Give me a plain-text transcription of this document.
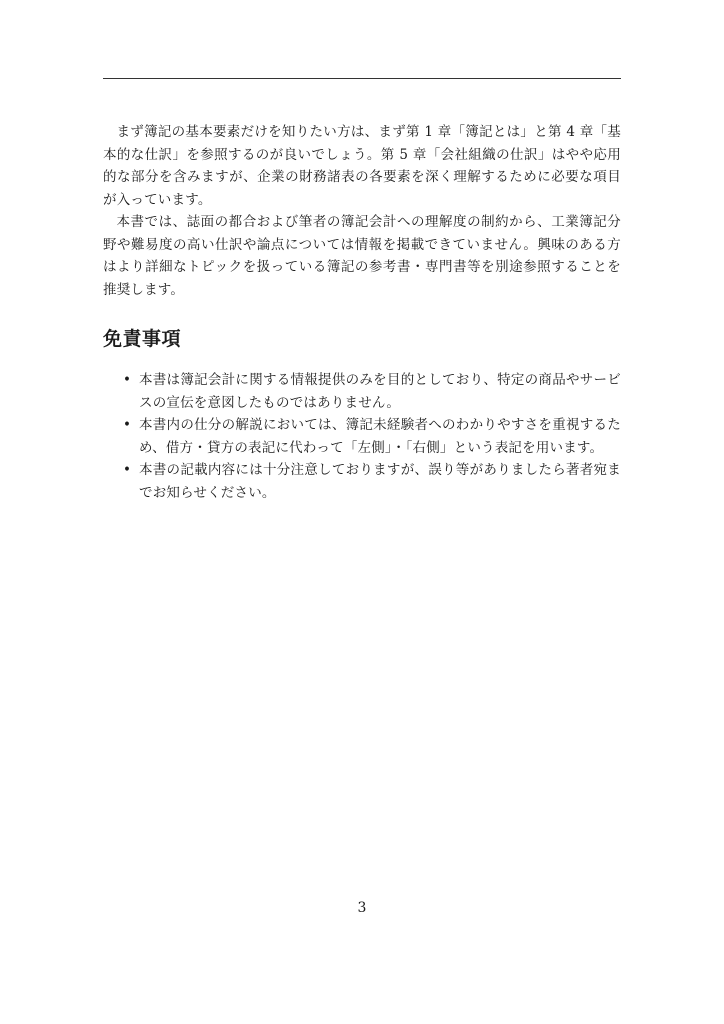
まず簿記の基本要素だけを知りたい方は、まず第 1 章「簿記とは」と第 4 章「基本的な仕訳」を参照するのが良いでしょう。第 5 章「会社組織の仕訳」はやや応用的な部分を含みますが、企業の財務諸表の各要素を深く理解するために必要な項目が入っています。

本書では、誌面の都合および筆者の簿記会計への理解度の制約から、工業簿記分野や難易度の高い仕訳や論点については情報を掲載できていません。興味のある方はより詳細なトピックを扱っている簿記の参考書・専門書等を別途参照することを推奨します。

免責事項
• 本書は簿記会計に関する情報提供のみを目的としており、特定の商品やサービスの宣伝を意図したものではありません。
• 本書内の仕分の解説においては、簿記未経験者へのわかりやすさを重視するため、借方・貸方の表記に代わって「左側」・「右側」という表記を用います。
• 本書の記載内容には十分注意しておりますが、誤り等がありましたら著者宛までお知らせください。
3
